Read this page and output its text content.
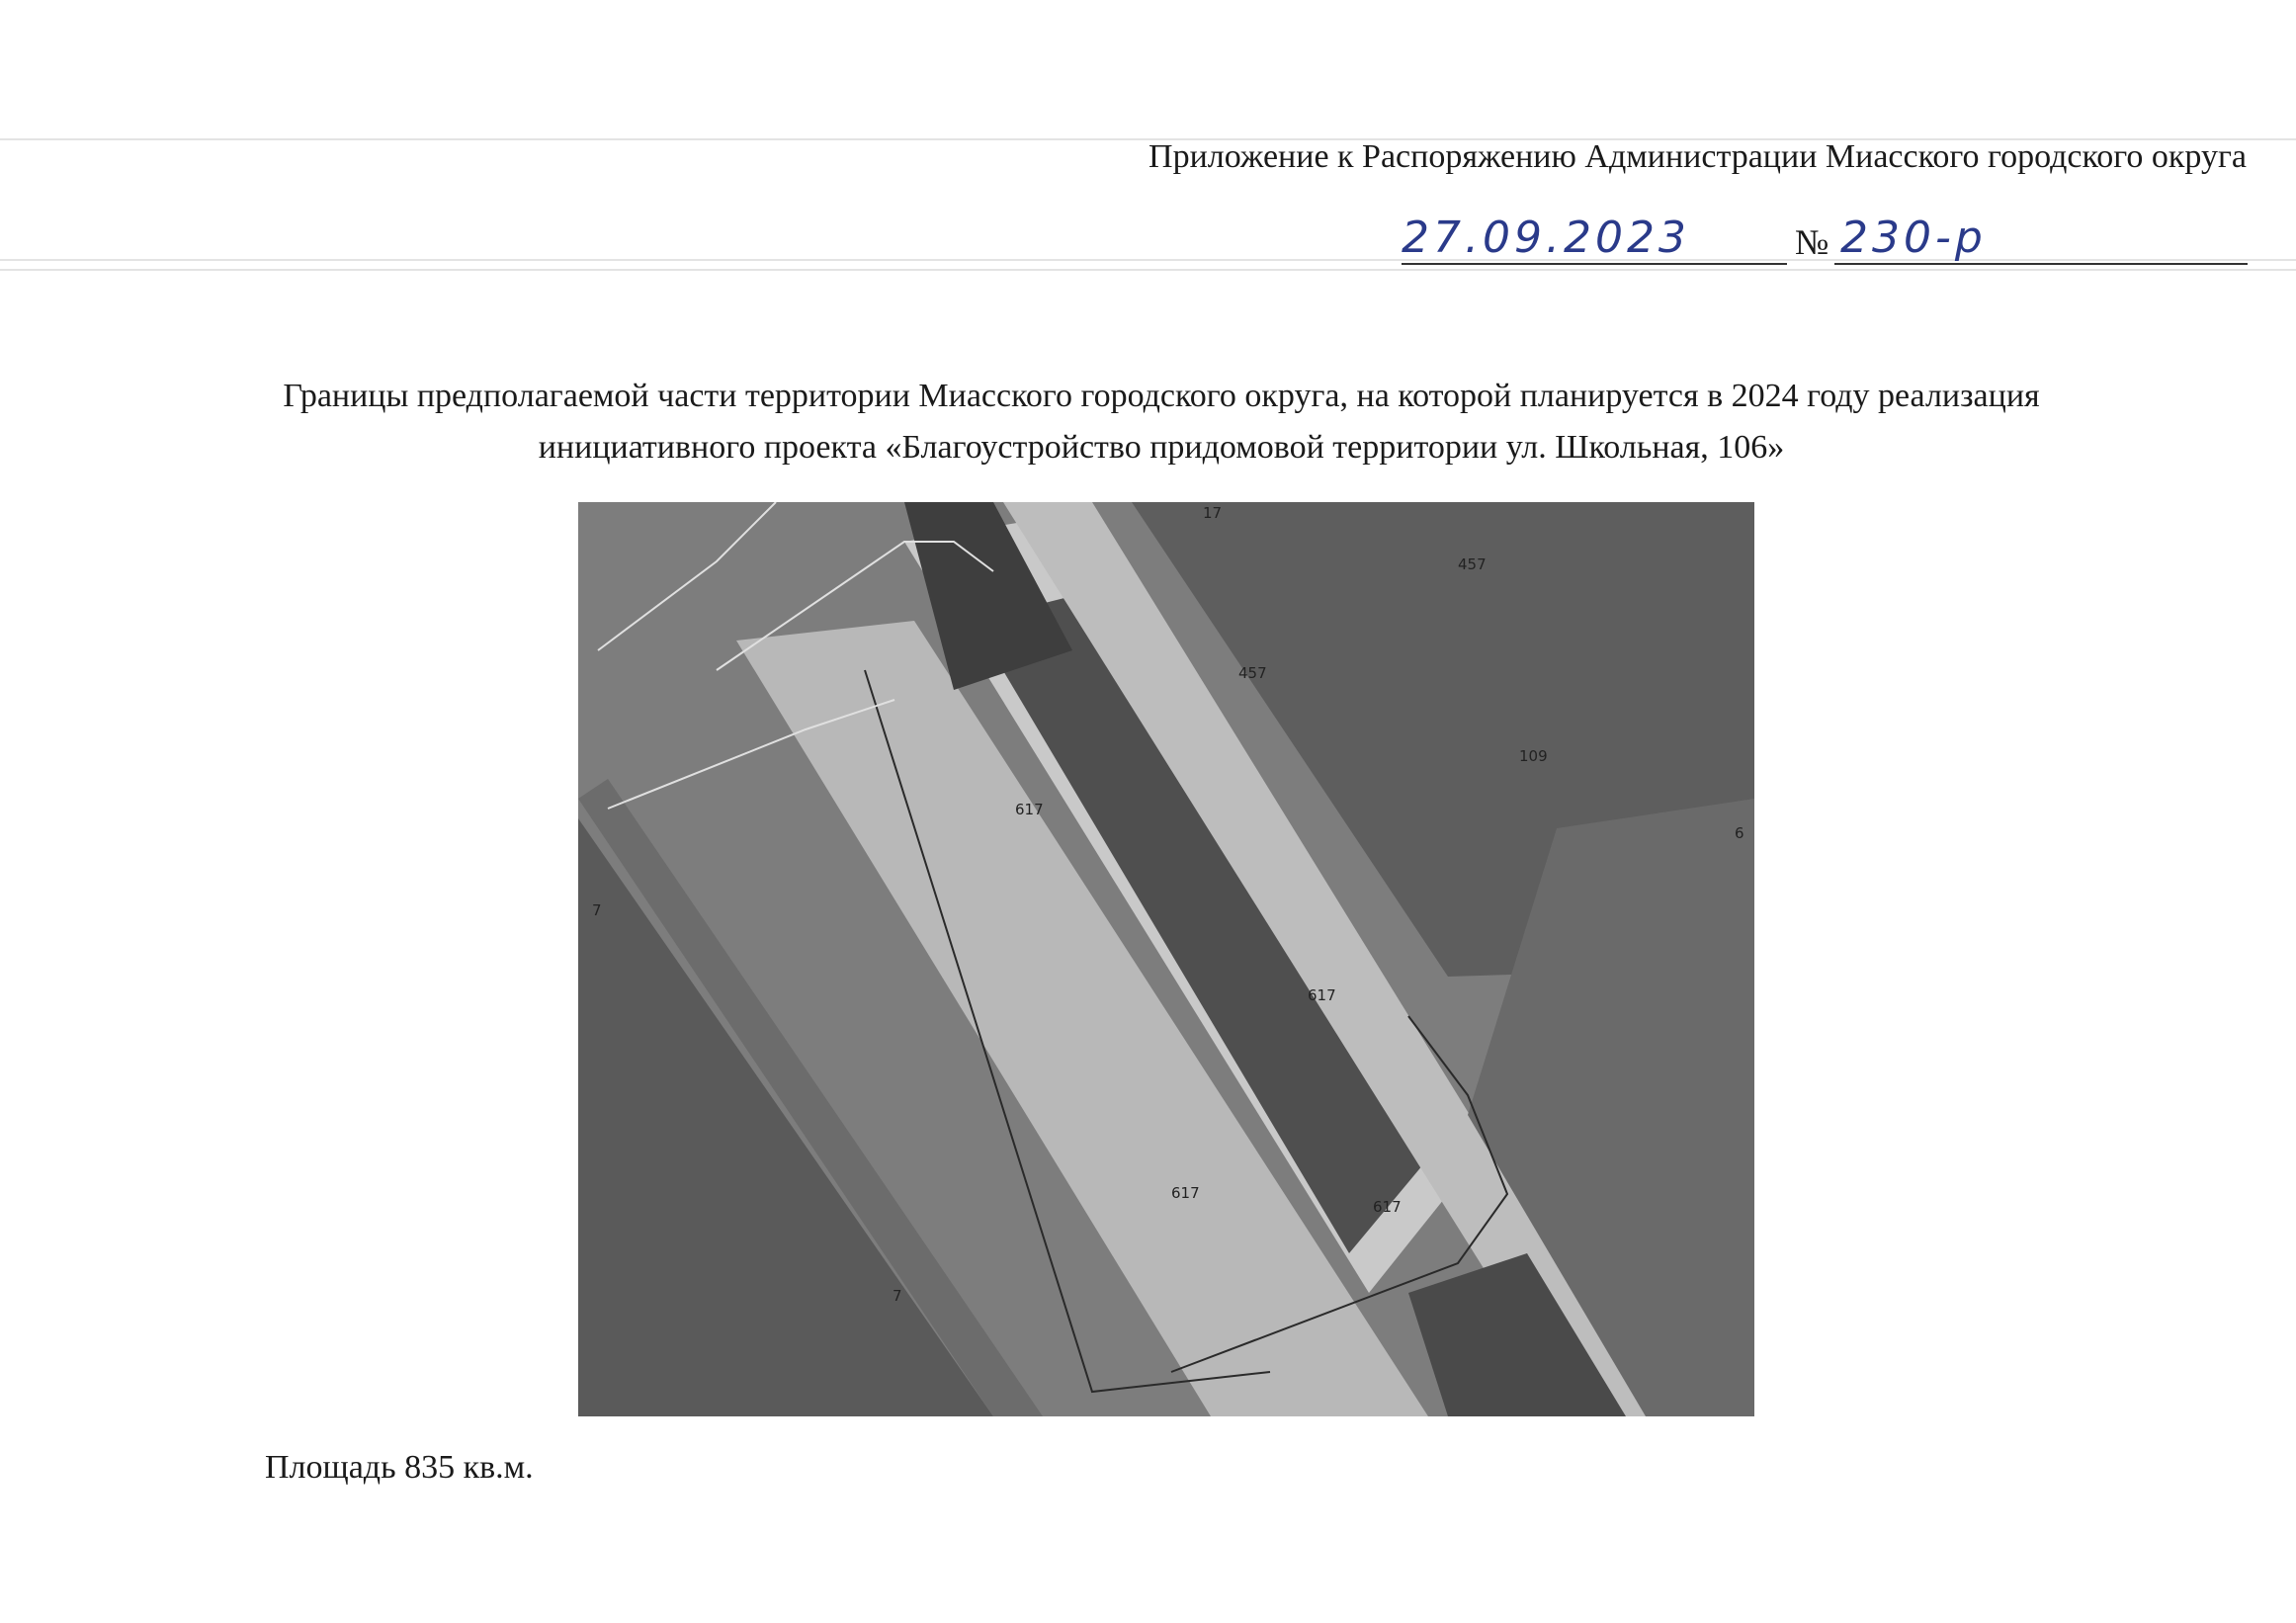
Приложение к Распоряжению Администрации Миасского городского округа
27.09.2023	№ 230-р
Границы предполагаемой части территории Миасского городского округа, на которой планируется в 2024 году реализация
инициативного проекта «Благоустройство придомовой территории ул. Школьная, 106»
17
457
457
109
6
617
617
617
617
7
7
Площадь 835 кв.м.
